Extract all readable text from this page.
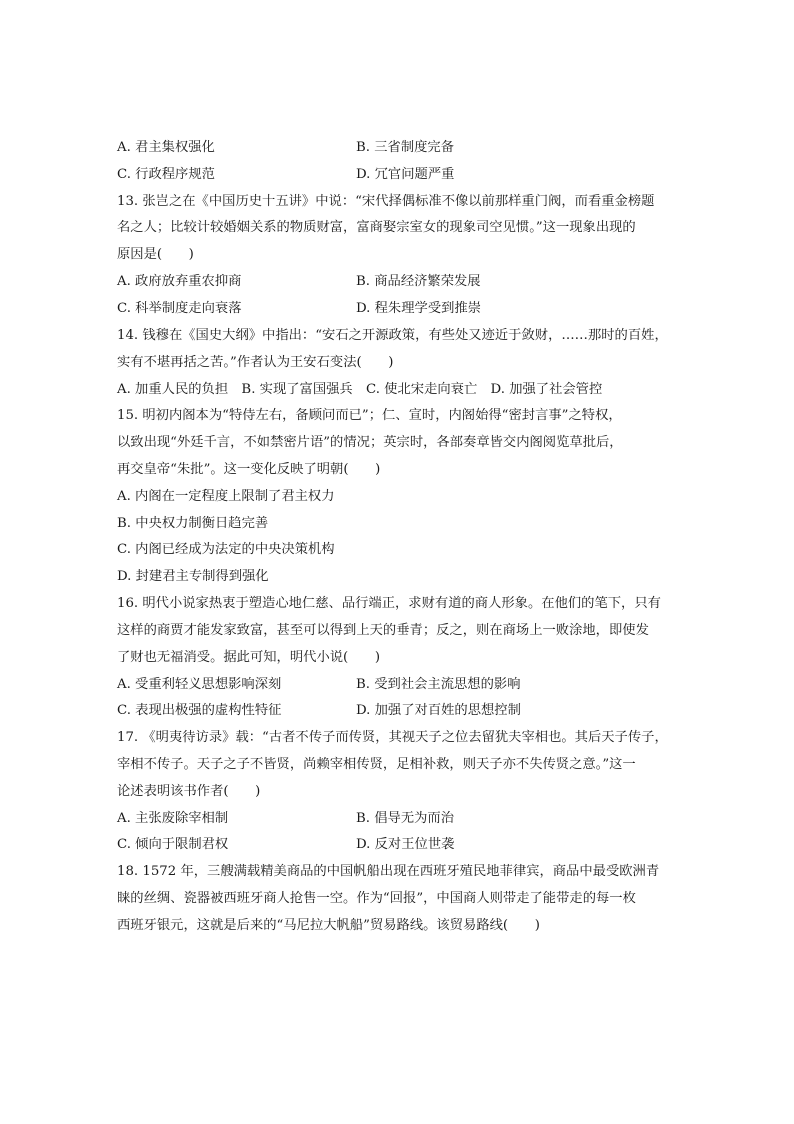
A. 君主集权强化	B. 三省制度完备
C. 行政程序规范	D. 冗官问题严重
13. 张岂之在《中国历史十五讲》中说：“宋代择偶标准不像以前那样重门阀，而看重金榜题
名之人；比较计较婚姻关系的物质财富，富商娶宗室女的现象司空见惯。”这一现象出现的
原因是(　　)
A. 政府放弃重农抑商	B. 商品经济繁荣发展
C. 科举制度走向衰落	D. 程朱理学受到推崇
14. 钱穆在《国史大纲》中指出：“安石之开源政策，有些处又迹近于敛财，……那时的百姓，
实有不堪再括之苦。”作者认为王安石变法(　　)
A. 加重人民的负担　B. 实现了富国强兵　C. 使北宋走向衰亡　D. 加强了社会管控
15. 明初内阁本为“特侍左右，备顾问而已”；仁、宣时，内阁始得“密封言事”之特权，
以致出现“外廷千言，不如禁密片语”的情况；英宗时，各部奏章皆交内阁阅览草批后，
再交皇帝“朱批”。这一变化反映了明朝(　　)
A. 内阁在一定程度上限制了君主权力
B. 中央权力制衡日趋完善
C. 内阁已经成为法定的中央决策机构
D. 封建君主专制得到强化
16. 明代小说家热衷于塑造心地仁慈、品行端正，求财有道的商人形象。在他们的笔下，只有
这样的商贾才能发家致富，甚至可以得到上天的垂青；反之，则在商场上一败涂地，即使发
了财也无福消受。据此可知，明代小说(　　)
A. 受重利轻义思想影响深刻	B. 受到社会主流思想的影响
C. 表现出极强的虚构性特征	D. 加强了对百姓的思想控制
17. 《明夷待访录》载：“古者不传子而传贤，其视天子之位去留犹夫宰相也。其后天子传子，
宰相不传子。天子之子不皆贤，尚赖宰相传贤，足相补救，则天子亦不失传贤之意。”这一
论述表明该书作者(　　)
A. 主张废除宰相制	B. 倡导无为而治
C. 倾向于限制君权	D. 反对王位世袭
18. 1572 年，三艘满载精美商品的中国帆船出现在西班牙殖民地菲律宾，商品中最受欧洲青
睐的丝绸、瓷器被西班牙商人抢售一空。作为“回报”，中国商人则带走了能带走的每一枚
西班牙银元，这就是后来的“马尼拉大帆船”贸易路线。该贸易路线(　　)
